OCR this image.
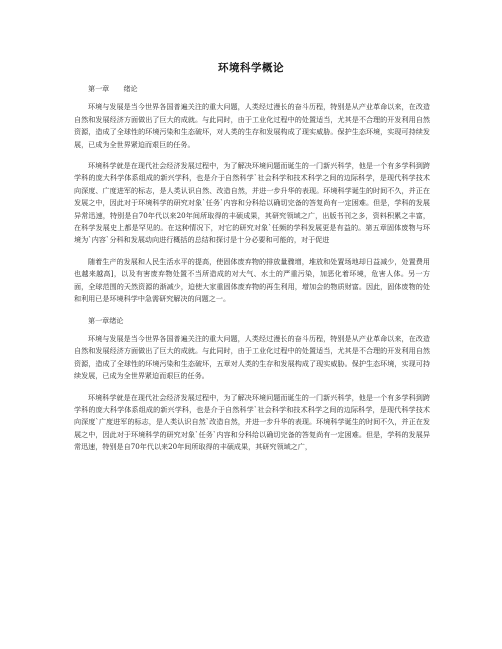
环境科学概论

第一章　　绪论

环境与发展是当今世界各国普遍关注的重大问题，人类经过漫长的奋斗历程，特别是从产业革命以来，在改造自然和发展经济方面做出了巨大的成就。与此同时，由于工业化过程中的处置适当，尤其是不合理的开发利用自然资源，造成了全球性的环境污染和生态破坏，对人类的生存和发展构成了现实威胁。保护生态环境，实现可持续发展，已成为全世界紧迫而艰巨的任务。

环境科学就是在现代社会经济发展过程中，为了解决环境问题而诞生的一门新兴科学，他是一个有多学科到跨学科的庞大科学体系组成的新兴学科，也是介于自然科学`社会科学和技术科学之间的边际科学，是现代科学技术向深度、广度进军的标志，是人类认识自然、改造自然，并进一步升华的表现。环境科学诞生的时间不久，并正在发展之中，因此对于环境科学的研究对象`任务`内容和分科给以确切完备的答复尚有一定困难。但是，学科的发展异常迅速，特别是自70年代以来20年间所取得的丰硕成果，其研究领域之广，出版书刊之多，资料积累之丰富，在科学发展史上都是罕见的。在这种情况下，对它的研究对象`任频的学科发展更是有益的。第五章固体废物与环境为`内容`分科和发展动向进行概括的总结和探讨是十分必要和可能的，对于促进

随着生产的发展和人民生活水平的提高，使固体废弃物的排放量骤增，堆放和处置场地却日益减少，处置费用也越来越高]，以及有害废弃物处置不当所造成的对大气、水土的严重污染，加恶化着环境，危害人体。另一方面，全球范围的天然资源的渐减少，迫使大家重固体废弃物的再生利用，增加会的物质财富。因此，固体废物的处和利用已是环境科学中急需研究解决的问题之一。

第一章绪论

环境与发展是当今世界各国普遍关注的重大问题，人类经过漫长的奋斗历程，特别是从产业革命以来，在改造自然和发展经济方面做出了巨大的成就。与此同时，由于工业化过程中的处置适当，尤其是不合理的开发利用自然资源，造成了全球性的环境污染和生态破坏，五章对人类的生存和发展构成了现实威胁。保护生态环境，实现可持续发展，已成为全世界紧迫而艰巨的任务。

环境科学就是在现代社会经济发展过程中，为了解决环境问题而诞生的一门新兴科学，他是一个有多学科到跨学科的庞大科学体系组成的新兴学科，也是介于自然科学`社会科学和技术科学之间的边际科学，是现代科学技术向深度`广度进军的标志，是人类认识自然`改造自然，并进一步升华的表现。环境科学诞生的时间不久，并正在发展之中，因此对于环境科学的研究对象`任务`内容和分科给以确切完备的答复尚有一定困难。但是，学科的发展异常迅速，特别是自70年代以来20年间所取得的丰硕成果，其研究领域之广，
